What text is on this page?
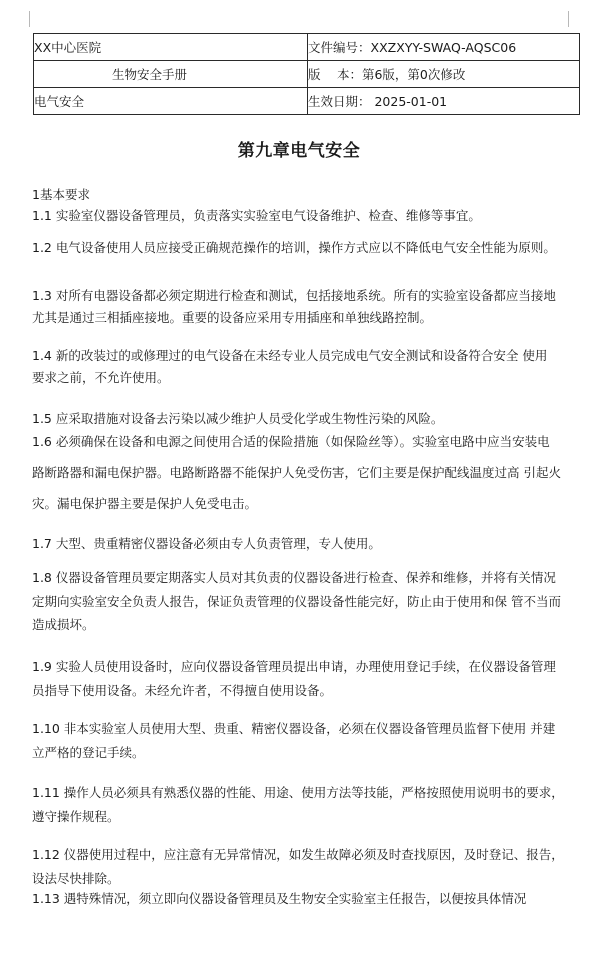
XX中心医院	文件编号：XXZXYY-SWAQ-AQSC06
生物安全手册	版　 本：第6版，第0次修改
电气安全	生效日期： 2025-01-01
第九章电气安全
1基本要求
1.1 实验室仪器设备管理员，负责落实实验室电气设备维护、检查、维修等事宜。
1.2 电气设备使用人员应接受正确规范操作的培训，操作方式应以不降低电气安全性能为原则。
1.3 对所有电器设备都必须定期进行检查和测试，包括接地系统。所有的实验室设备都应当接地
尤其是通过三相插座接地。重要的设备应采用专用插座和单独线路控制。
1.4 新的改装过的或修理过的电气设备在未经专业人员完成电气安全测试和设备符合安全 使用
要求之前，不允许使用。
1.5 应采取措施对设备去污染以减少维护人员受化学或生物性污染的风险。
1.6 必须确保在设备和电源之间使用合适的保险措施（如保险丝等）。实验室电路中应当安装电
路断路器和漏电保护器。电路断路器不能保护人免受伤害，它们主要是保护配线温度过高 引起火
灾。漏电保护器主要是保护人免受电击。
1.7 大型、贵重精密仪器设备必须由专人负责管理，专人使用。
1.8 仪器设备管理员要定期落实人员对其负责的仪器设备进行检查、保养和维修，并将有关情况
定期向实验室安全负责人报告，保证负责管理的仪器设备性能完好，防止由于使用和保 管不当而
造成损坏。
1.9 实验人员使用设备时，应向仪器设备管理员提出申请，办理使用登记手续，在仪器设备管理
员指导下使用设备。未经允许者，不得擅自使用设备。
1.10 非本实验室人员使用大型、贵重、精密仪器设备，必须在仪器设备管理员监督下使用 并建
立严格的登记手续。
1.11 操作人员必须具有熟悉仪器的性能、用途、使用方法等技能，严格按照使用说明书的要求，
遵守操作规程。
1.12 仪器使用过程中，应注意有无异常情况，如发生故障必须及时查找原因，及时登记、报告，
设法尽快排除。
1.13 遇特殊情况，须立即向仪器设备管理员及生物安全实验室主任报告，以便按具体情况
